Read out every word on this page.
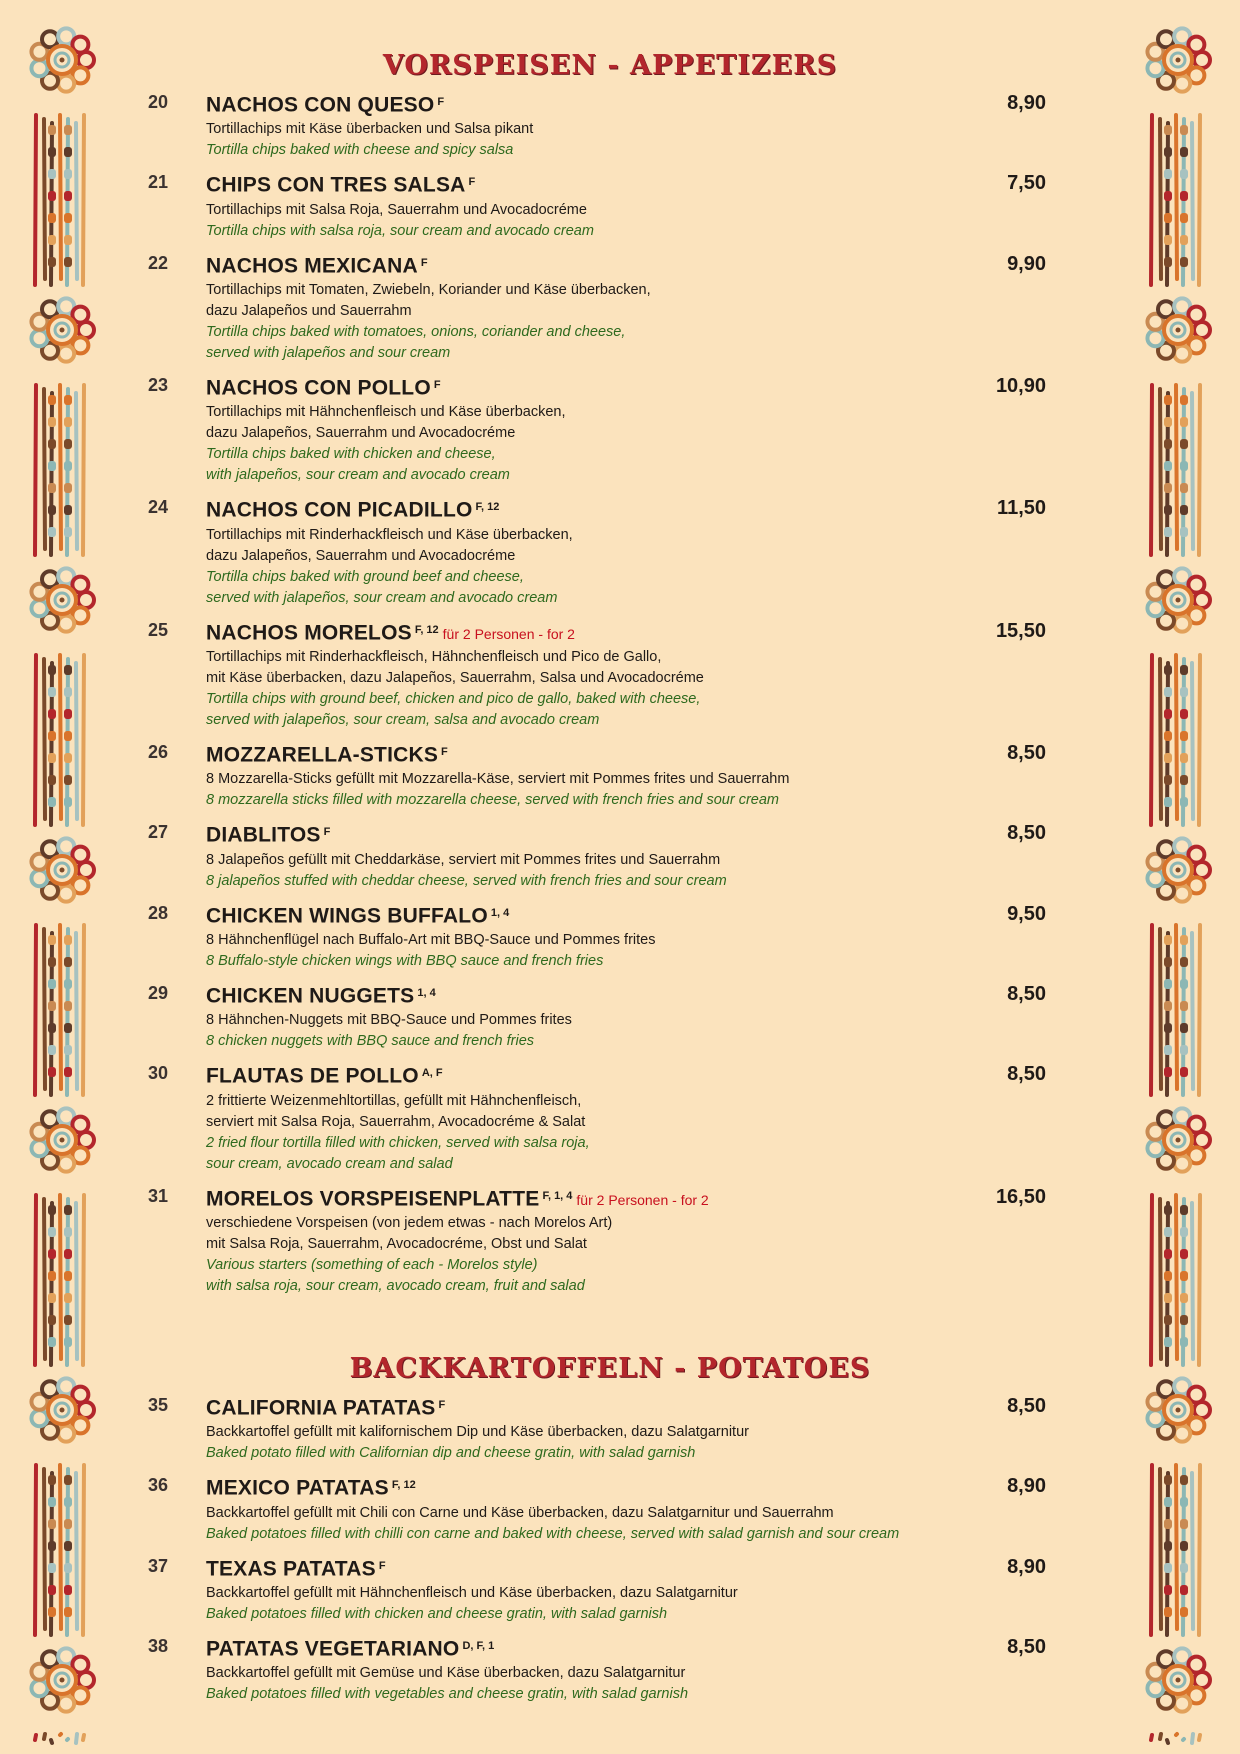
VORSPEISEN - APPETIZERS
20 NACHOS CON QUESO $^F$
Tortillachips mit Käse überbacken und Salsa pikant
Tortilla chips baked with cheese and spicy salsa
8,90
21 CHIPS CON TRES SALSA $^F$
Tortillachips mit Salsa Roja, Sauerrahm und Avocadocréme
Tortilla chips with salsa roja, sour cream and avocado cream
7,50
22 NACHOS MEXICANA $^F$
Tortillachips mit Tomaten, Zwiebeln, Koriander und Käse überbacken,
dazu Jalapeños und Sauerrahm
Tortilla chips baked with tomatoes, onions, coriander and cheese,
served with jalapeños and sour cream
9,90
23 NACHOS CON POLLO $^F$
Tortillachips mit Hähnchenfleisch und Käse überbacken,
dazu Jalapeños, Sauerrahm und Avocadocréme
Tortilla chips baked with chicken and cheese,
with jalapeños, sour cream and avocado cream
10,90
24 NACHOS CON PICADILLO $^{F, 12}$
Tortillachips mit Rinderhackfleisch und Käse überbacken,
dazu Jalapeños, Sauerrahm und Avocadocréme
Tortilla chips baked with ground beef and cheese,
served with jalapeños, sour cream and avocado cream
11,50
25 NACHOS MORELOS $^{F, 12}$ für 2 Personen - for 2
Tortillachips mit Rinderhackfleisch, Hähnchenfleisch und Pico de Gallo,
mit Käse überbacken, dazu Jalapeños, Sauerrahm, Salsa und Avocadocréme
Tortilla chips with ground beef, chicken and pico de gallo, baked with cheese,
served with jalapeños, sour cream, salsa and avocado cream
15,50
26 MOZZARELLA-STICKS $^F$
8 Mozzarella-Sticks gefüllt mit Mozzarella-Käse, serviert mit Pommes frites und Sauerrahm
8 mozzarella sticks filled with mozzarella cheese, served with french fries and sour cream
8,50
27 DIABLITOS $^F$
8 Jalapeños gefüllt mit Cheddarkäse, serviert mit Pommes frites und Sauerrahm
8 jalapeños stuffed with cheddar cheese, served with french fries and sour cream
8,50
28 CHICKEN WINGS BUFFALO $^{1, 4}$
8 Hähnchenflügel nach Buffalo-Art mit BBQ-Sauce und Pommes frites
8 Buffalo-style chicken wings with BBQ sauce and french fries
9,50
29 CHICKEN NUGGETS $^{1, 4}$
8 Hähnchen-Nuggets mit BBQ-Sauce und Pommes frites
8 chicken nuggets with BBQ sauce and french fries
8,50
30 FLAUTAS DE POLLO $^{A, F}$
2 frittierte Weizenmehltortillas, gefüllt mit Hähnchenfleisch,
serviert mit Salsa Roja, Sauerrahm, Avocadocréme & Salat
2 fried flour tortilla filled with chicken, served with salsa roja,
sour cream, avocado cream and salad
8,50
31 MORELOS VORSPEISENPLATTE $^{F, 1, 4}$ für 2 Personen - for 2
verschiedene Vorspeisen (von jedem etwas - nach Morelos Art)
mit Salsa Roja, Sauerrahm, Avocadocréme, Obst und Salat
Various starters (something of each - Morelos style)
with salsa roja, sour cream, avocado cream, fruit and salad
16,50
BACKKARTOFFELN - POTATOES
35 CALIFORNIA PATATAS $^F$
Backkartoffel gefüllt mit kalifornischem Dip und Käse überbacken, dazu Salatgarnitur
Baked potato filled with Californian dip and cheese gratin, with salad garnish
8,50
36 MEXICO PATATAS $^{F, 12}$
Backkartoffel gefüllt mit Chili con Carne und Käse überbacken, dazu Salatgarnitur und Sauerrahm
Baked potatoes filled with chilli con carne and baked with cheese, served with salad garnish and sour cream
8,90
37 TEXAS PATATAS $^F$
Backkartoffel gefüllt mit Hähnchenfleisch und Käse überbacken, dazu Salatgarnitur
Baked potatoes filled with chicken and cheese gratin, with salad garnish
8,90
38 PATATAS VEGETARIANO $^{D, F, 1}$
Backkartoffel gefüllt mit Gemüse und Käse überbacken, dazu Salatgarnitur
Baked potatoes filled with vegetables and cheese gratin, with salad garnish
8,50
